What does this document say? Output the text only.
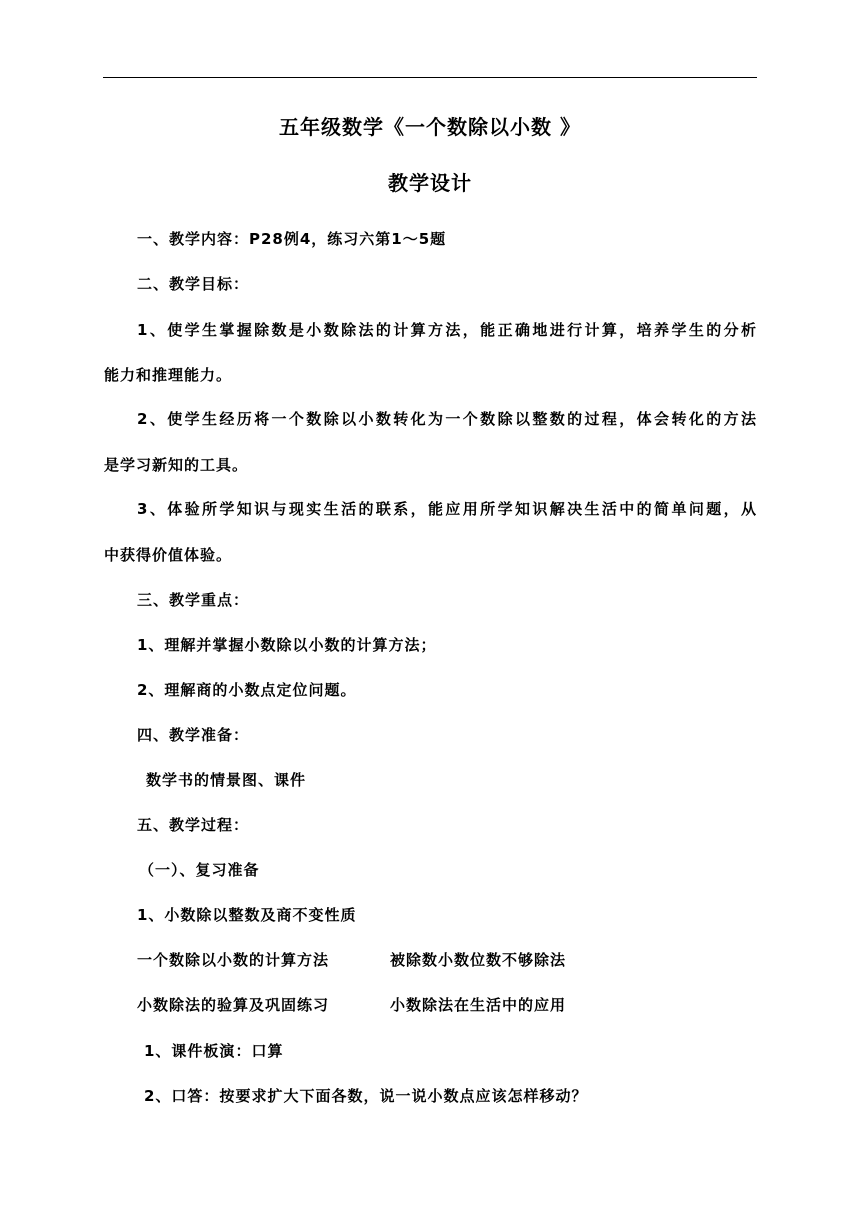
五年级数学《一个数除以小数 》
教学设计
一、教学内容：P28例4，练习六第1～5题
二、教学目标：
1、使学生掌握除数是小数除法的计算方法，能正确地进行计算，培养学生的分析
能力和推理能力。
2、使学生经历将一个数除以小数转化为一个数除以整数的过程，体会转化的方法
是学习新知的工具。
3、体验所学知识与现实生活的联系，能应用所学知识解决生活中的简单问题，从
中获得价值体验。
三、教学重点：
1、理解并掌握小数除以小数的计算方法；
2、理解商的小数点定位问题。
四、教学准备：
数学书的情景图、课件
五、教学过程：
（一）、复习准备
1、小数除以整数及商不变性质
一个数除以小数的计算方法	被除数小数位数不够除法
小数除法的验算及巩固练习	小数除法在生活中的应用
1、课件板演：口算
2、口答：按要求扩大下面各数，说一说小数点应该怎样移动？
